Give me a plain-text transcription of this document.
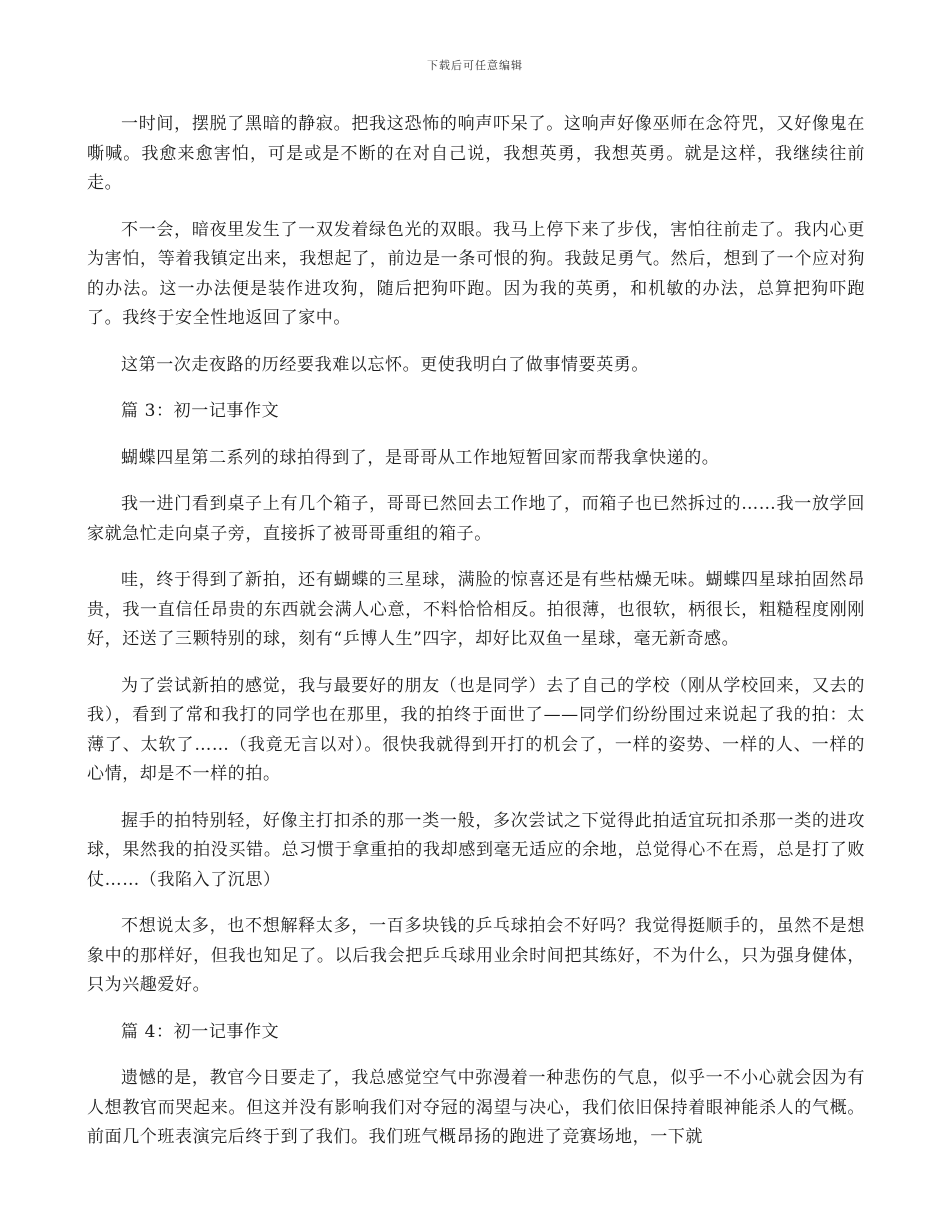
下载后可任意编辑

一时间，摆脱了黑暗的静寂。把我这恐怖的响声吓呆了。这响声好像巫师在念符咒，又好像鬼在嘶喊。我愈来愈害怕，可是或是不断的在对自己说，我想英勇，我想英勇。就是这样，我继续往前走。

不一会，暗夜里发生了一双发着绿色光的双眼。我马上停下来了步伐，害怕往前走了。我内心更为害怕，等着我镇定出来，我想起了，前边是一条可恨的狗。我鼓足勇气。然后，想到了一个应对狗的办法。这一办法便是装作进攻狗，随后把狗吓跑。因为我的英勇，和机敏的办法，总算把狗吓跑了。我终于安全性地返回了家中。

这第一次走夜路的历经要我难以忘怀。更使我明白了做事情要英勇。

篇 3：初一记事作文

蝴蝶四星第二系列的球拍得到了，是哥哥从工作地短暂回家而帮我拿快递的。

我一进门看到桌子上有几个箱子，哥哥已然回去工作地了，而箱子也已然拆过的……我一放学回家就急忙走向桌子旁，直接拆了被哥哥重组的箱子。

哇，终于得到了新拍，还有蝴蝶的三星球，满脸的惊喜还是有些枯燥无味。蝴蝶四星球拍固然昂贵，我一直信任昂贵的东西就会满人心意，不料恰恰相反。拍很薄，也很软，柄很长，粗糙程度刚刚好，还送了三颗特别的球，刻有“乒博人生”四字，却好比双鱼一星球，毫无新奇感。

为了尝试新拍的感觉，我与最要好的朋友（也是同学）去了自己的学校（刚从学校回来，又去的我），看到了常和我打的同学也在那里，我的拍终于面世了——同学们纷纷围过来说起了我的拍：太薄了、太软了……（我竟无言以对）。很快我就得到开打的机会了，一样的姿势、一样的人、一样的心情，却是不一样的拍。

握手的拍特别轻，好像主打扣杀的那一类一般，多次尝试之下觉得此拍适宜玩扣杀那一类的进攻球，果然我的拍没买错。总习惯于拿重拍的我却感到毫无适应的余地，总觉得心不在焉，总是打了败仗……（我陷入了沉思）

不想说太多，也不想解释太多，一百多块钱的乒乓球拍会不好吗？我觉得挺顺手的，虽然不是想象中的那样好，但我也知足了。以后我会把乒乓球用业余时间把其练好，不为什么，只为强身健体，只为兴趣爱好。

篇 4：初一记事作文

遗憾的是，教官今日要走了，我总感觉空气中弥漫着一种悲伤的气息，似乎一不小心就会因为有人想教官而哭起来。但这并没有影响我们对夺冠的渴望与决心，我们依旧保持着眼神能杀人的气概。前面几个班表演完后终于到了我们。我们班气概昂扬的跑进了竞赛场地，一下就
